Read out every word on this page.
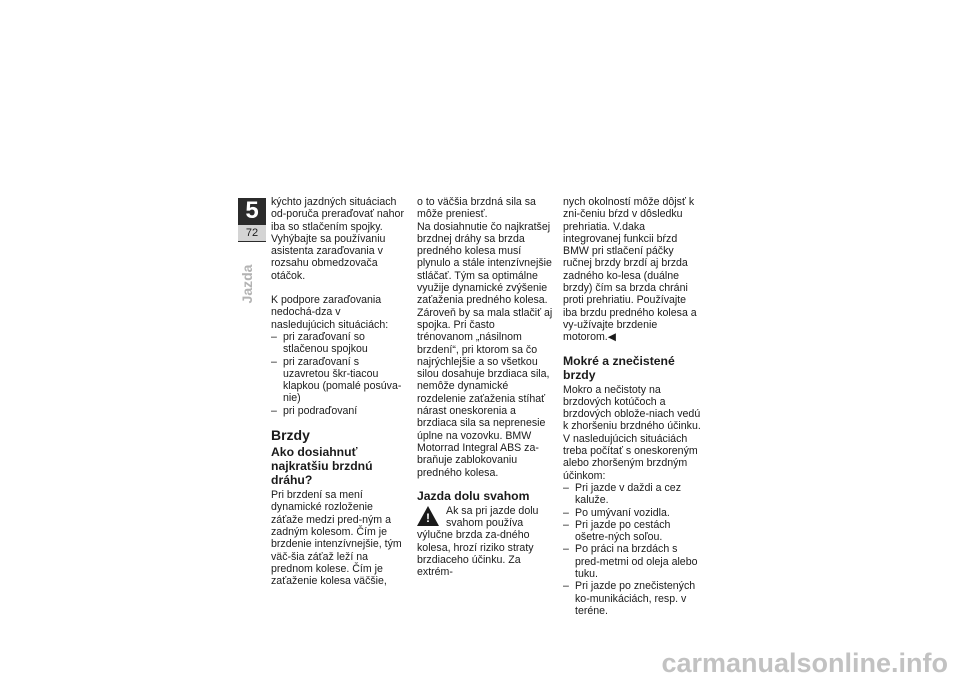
5
72
Jazda

kýchto jazdných situáciach od-poruča preraďovať nahor iba so stlačením spojky. Vyhýbajte sa používaniu asistenta zaraďovania v rozsahu obmedzovača otáčok.

K podpore zaraďovania nedochá-dza v nasledujúcich situáciách:

– pri zaraďovaní so stlačenou spojkou

– pri zaraďovaní s uzavretou škr-tiacou klapkou (pomalé posúva-nie)

– pri podraďovaní

Brzdy
Ako dosiahnuť najkratšiu brzdnú dráhu?

Pri brzdení sa mení dynamické rozloženie záťaže medzi pred-ným a zadným kolesom. Čím je brzdenie intenzívnejšie, tým väč-šia záťaž leží na prednom kolese. Čím je zaťaženie kolesa väčšie,

o to väčšia brzdná sila sa môže preniesť.

Na dosiahnutie čo najkratšej brzdnej dráhy sa brzda predného kolesa musí plynulo a stále intenzívnejšie stláčať. Tým sa optimálne využije dynamické zvýšenie zaťaženia predného kolesa. Zároveň by sa mala stlačiť aj spojka. Pri často trénovanom „násilnom brzdení“, pri ktorom sa čo najrýchlejšie a so všetkou silou dosahuje brzdiaca sila, nemôže dynamické rozdelenie zaťaženia stíhať nárast oneskorenia a brzdiaca sila sa neprenesie úplne na vozovku. BMW Motorrad Integral ABS za-braňuje zablokovaniu predného kolesa.

Jazda dolu svahom
!

Ak sa pri jazde dolu svahom používa výlučne brzda za-dného kolesa, hrozí riziko straty brzdiaceho účinku. Za extrém-

nych okolností môže dôjsť k zni-čeniu bŕzd v dôsledku prehriatia. V.daka integrovanej funkcii bŕzd BMW pri stlačení páčky ručnej brzdy brzdí aj brzda zadného ko-lesa (duálne brzdy) čím sa brzda chráni proti prehriatiu. Používajte iba brzdu predného kolesa a vy-užívajte brzdenie motorom.◀

Mokré a znečistené brzdy

Mokro a nečistoty na brzdových kotúčoch a brzdových obložе-niach vedú k zhoršeniu brzdného účinku.

V nasledujúcich situáciách treba počítať s oneskoreným alebo zhoršeným brzdným účinkom:

– Pri jazde v daždi a cez kaluže.

– Po umývaní vozidla.

– Pri jazde po cestách ošetre-ných soľou.

– Po práci na brzdách s pred-metmi od oleja alebo tuku.

– Pri jazde po znečistených ko-munikáciách, resp. v teréne.

carmanualsonline.info
